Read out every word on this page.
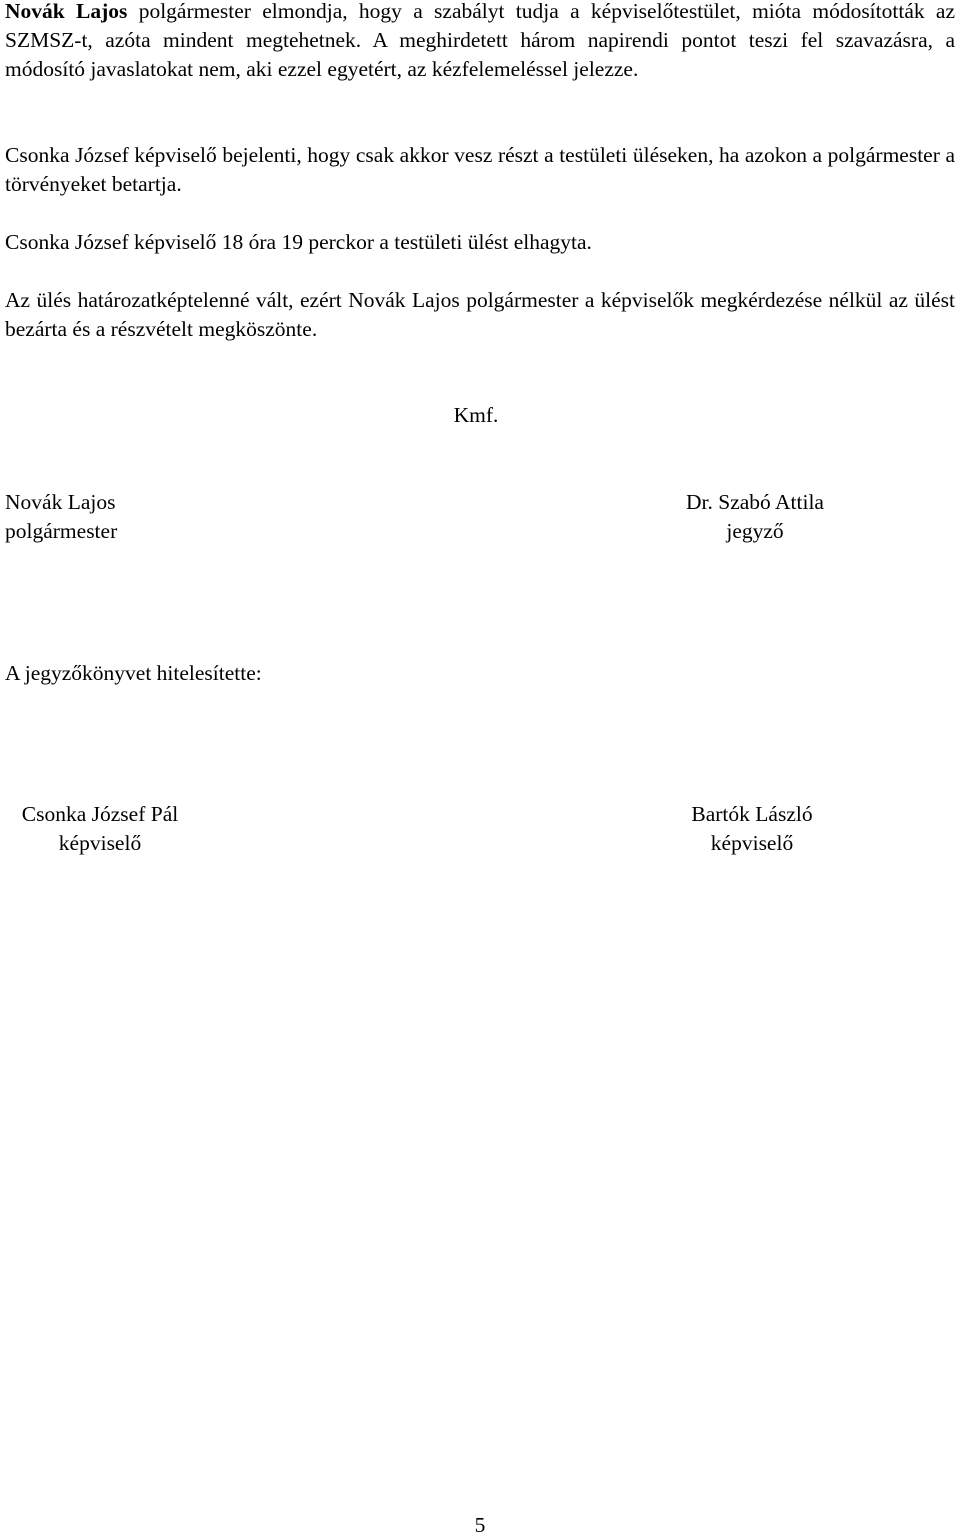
Novák Lajos polgármester elmondja, hogy a szabályt tudja a képviselőtestület, mióta módosították az SZMSZ-t, azóta mindent megtehetnek. A meghirdetett három napirendi pontot teszi fel szavazásra, a módosító javaslatokat nem, aki ezzel egyetért, az kézfelemeléssel jelezze.

Csonka József képviselő bejelenti, hogy csak akkor vesz részt a testületi üléseken, ha azokon a polgármester a törvényeket betartja.

Csonka József képviselő 18 óra 19 perckor a testületi ülést elhagyta.

Az ülés határozatképtelenné vált, ezért Novák Lajos polgármester a képviselők megkérdezése nélkül az ülést bezárta és a részvételt megköszönte.

Kmf.
Novák Lajos
polgármester
Dr. Szabó Attila
jegyző
A jegyzőkönyvet hitelesítette:
Csonka József Pál
képviselő
Bartók László
képviselő
5
